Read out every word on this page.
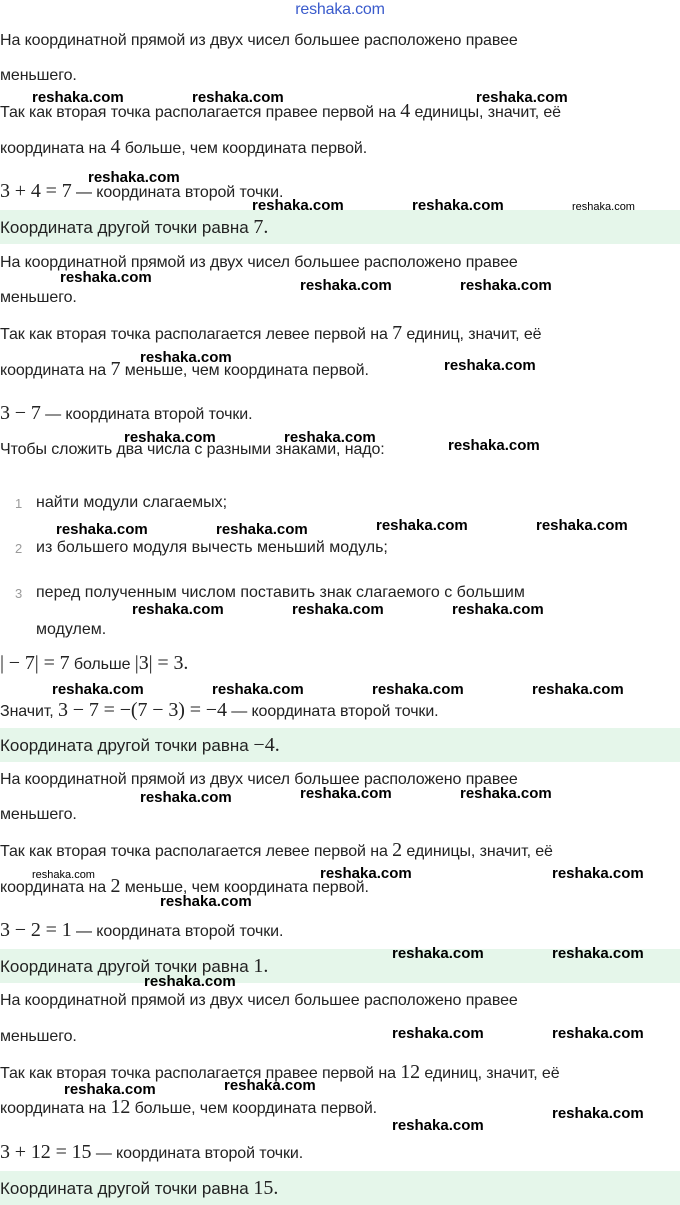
reshaka.com
На координатной прямой из двух чисел большее расположено правее
меньшего.
Так как вторая точка располагается правее первой на 4 единицы, значит, её
координата на 4 больше, чем координата первой.
3 + 4 = 7 — координата второй точки.
Координата другой точки равна 7.
На координатной прямой из двух чисел большее расположено правее
меньшего.
Так как вторая точка располагается левее первой на 7 единиц, значит, её
координата на 7 меньше, чем координата первой.
3 − 7 — координата второй точки.
Чтобы сложить два числа с разными знаками, надо:
1 найти модули слагаемых;
2 из большего модуля вычесть меньший модуль;
3 перед полученным числом поставить знак слагаемого с большим
модулем.
| − 7| = 7 больше |3| = 3.
Значит, 3 − 7 = −(7 − 3) = −4 — координата второй точки.
Координата другой точки равна −4.
На координатной прямой из двух чисел большее расположено правее
меньшего.
Так как вторая точка располагается левее первой на 2 единицы, значит, её
координата на 2 меньше, чем координата первой.
3 − 2 = 1 — координата второй точки.
Координата другой точки равна 1.
На координатной прямой из двух чисел большее расположено правее
меньшего.
Так как вторая точка располагается правее первой на 12 единиц, значит, её
координата на 12 больше, чем координата первой.
3 + 12 = 15 — координата второй точки.
Координата другой точки равна 15.
reshaka.com	reshaka.com	reshaka.com
reshaka.com
reshaka.com	reshaka.com	reshaka.com
reshaka.com	reshaka.com	reshaka.com
reshaka.com	reshaka.com
reshaka.com	reshaka.com	reshaka.com
reshaka.com	reshaka.com	reshaka.com	reshaka.com
reshaka.com	reshaka.com	reshaka.com
reshaka.com	reshaka.com	reshaka.com	reshaka.com
reshaka.com	reshaka.com	reshaka.com
reshaka.com	reshaka.com	reshaka.com
reshaka.com
reshaka.com	reshaka.com
reshaka.com
reshaka.com	reshaka.com
reshaka.com	reshaka.com
reshaka.com
reshaka.com
